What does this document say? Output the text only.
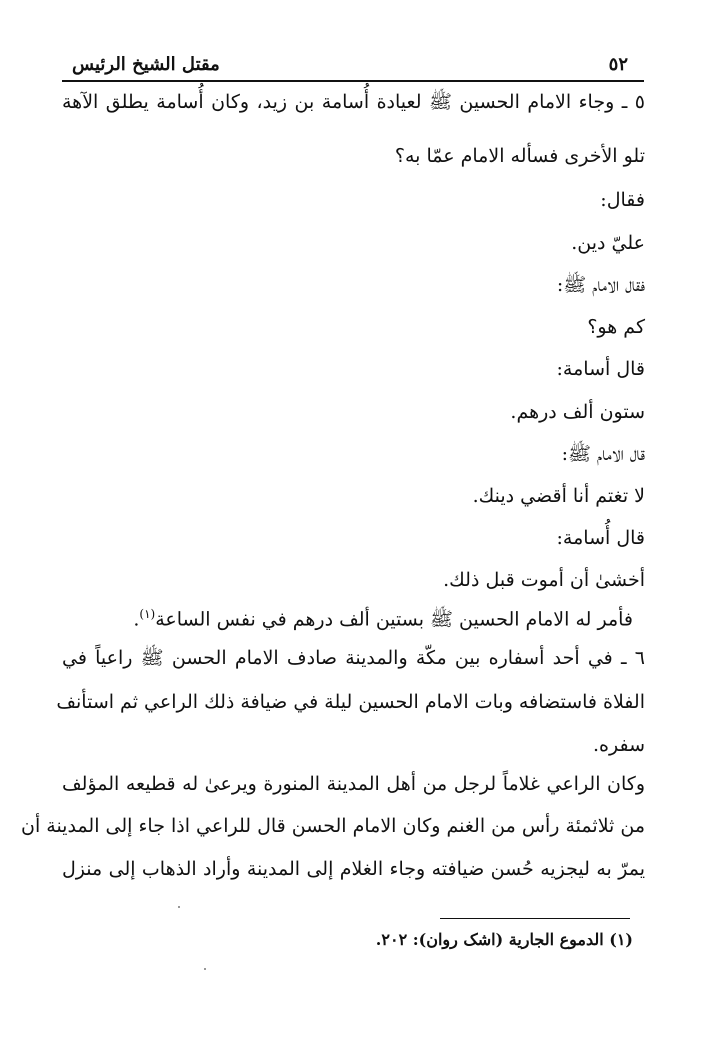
٥٢
مقتل الشيخ الرئيس
٥ ـ وجاء الامام الحسين ﷺ لعيادة أُسامة بن زيد، وكان أُسامة يطلق الآهة
تلو الأخرى فسأله الامام عمّا به؟
فقال:
عليّ دين.
فقال الامام ﷺ:
كم هو؟
قال أسامة:
ستون ألف درهم.
قال الامام ﷺ:
لا تغتم أنا أقضي دينك.
قال أُسامة:
أخشىٰ أن أموت قبل ذلك.
فأمر له الامام الحسين ﷺ بستين ألف درهم في نفس الساعة$^{(١)}$.
٦ ـ في أحد أسفاره بين مكّة والمدينة صادف الامام الحسن ﷺ راعياً في
الفلاة فاستضافه وبات الامام الحسين ليلة في ضيافة ذلك الراعي ثم استأنف
سفره.
وكان الراعي غلاماً لرجل من أهل المدينة المنورة ويرعىٰ له قطيعه المؤلف
من ثلاثمئة رأس من الغنم وكان الامام الحسن قال للراعي اذا جاء إلى المدينة أن
يمرّ به ليجزيه حُسن ضيافته وجاء الغلام إلى المدينة وأراد الذهاب إلى منزل
(١) الدموع الجارية (اشک روان): ٢٠٢.
